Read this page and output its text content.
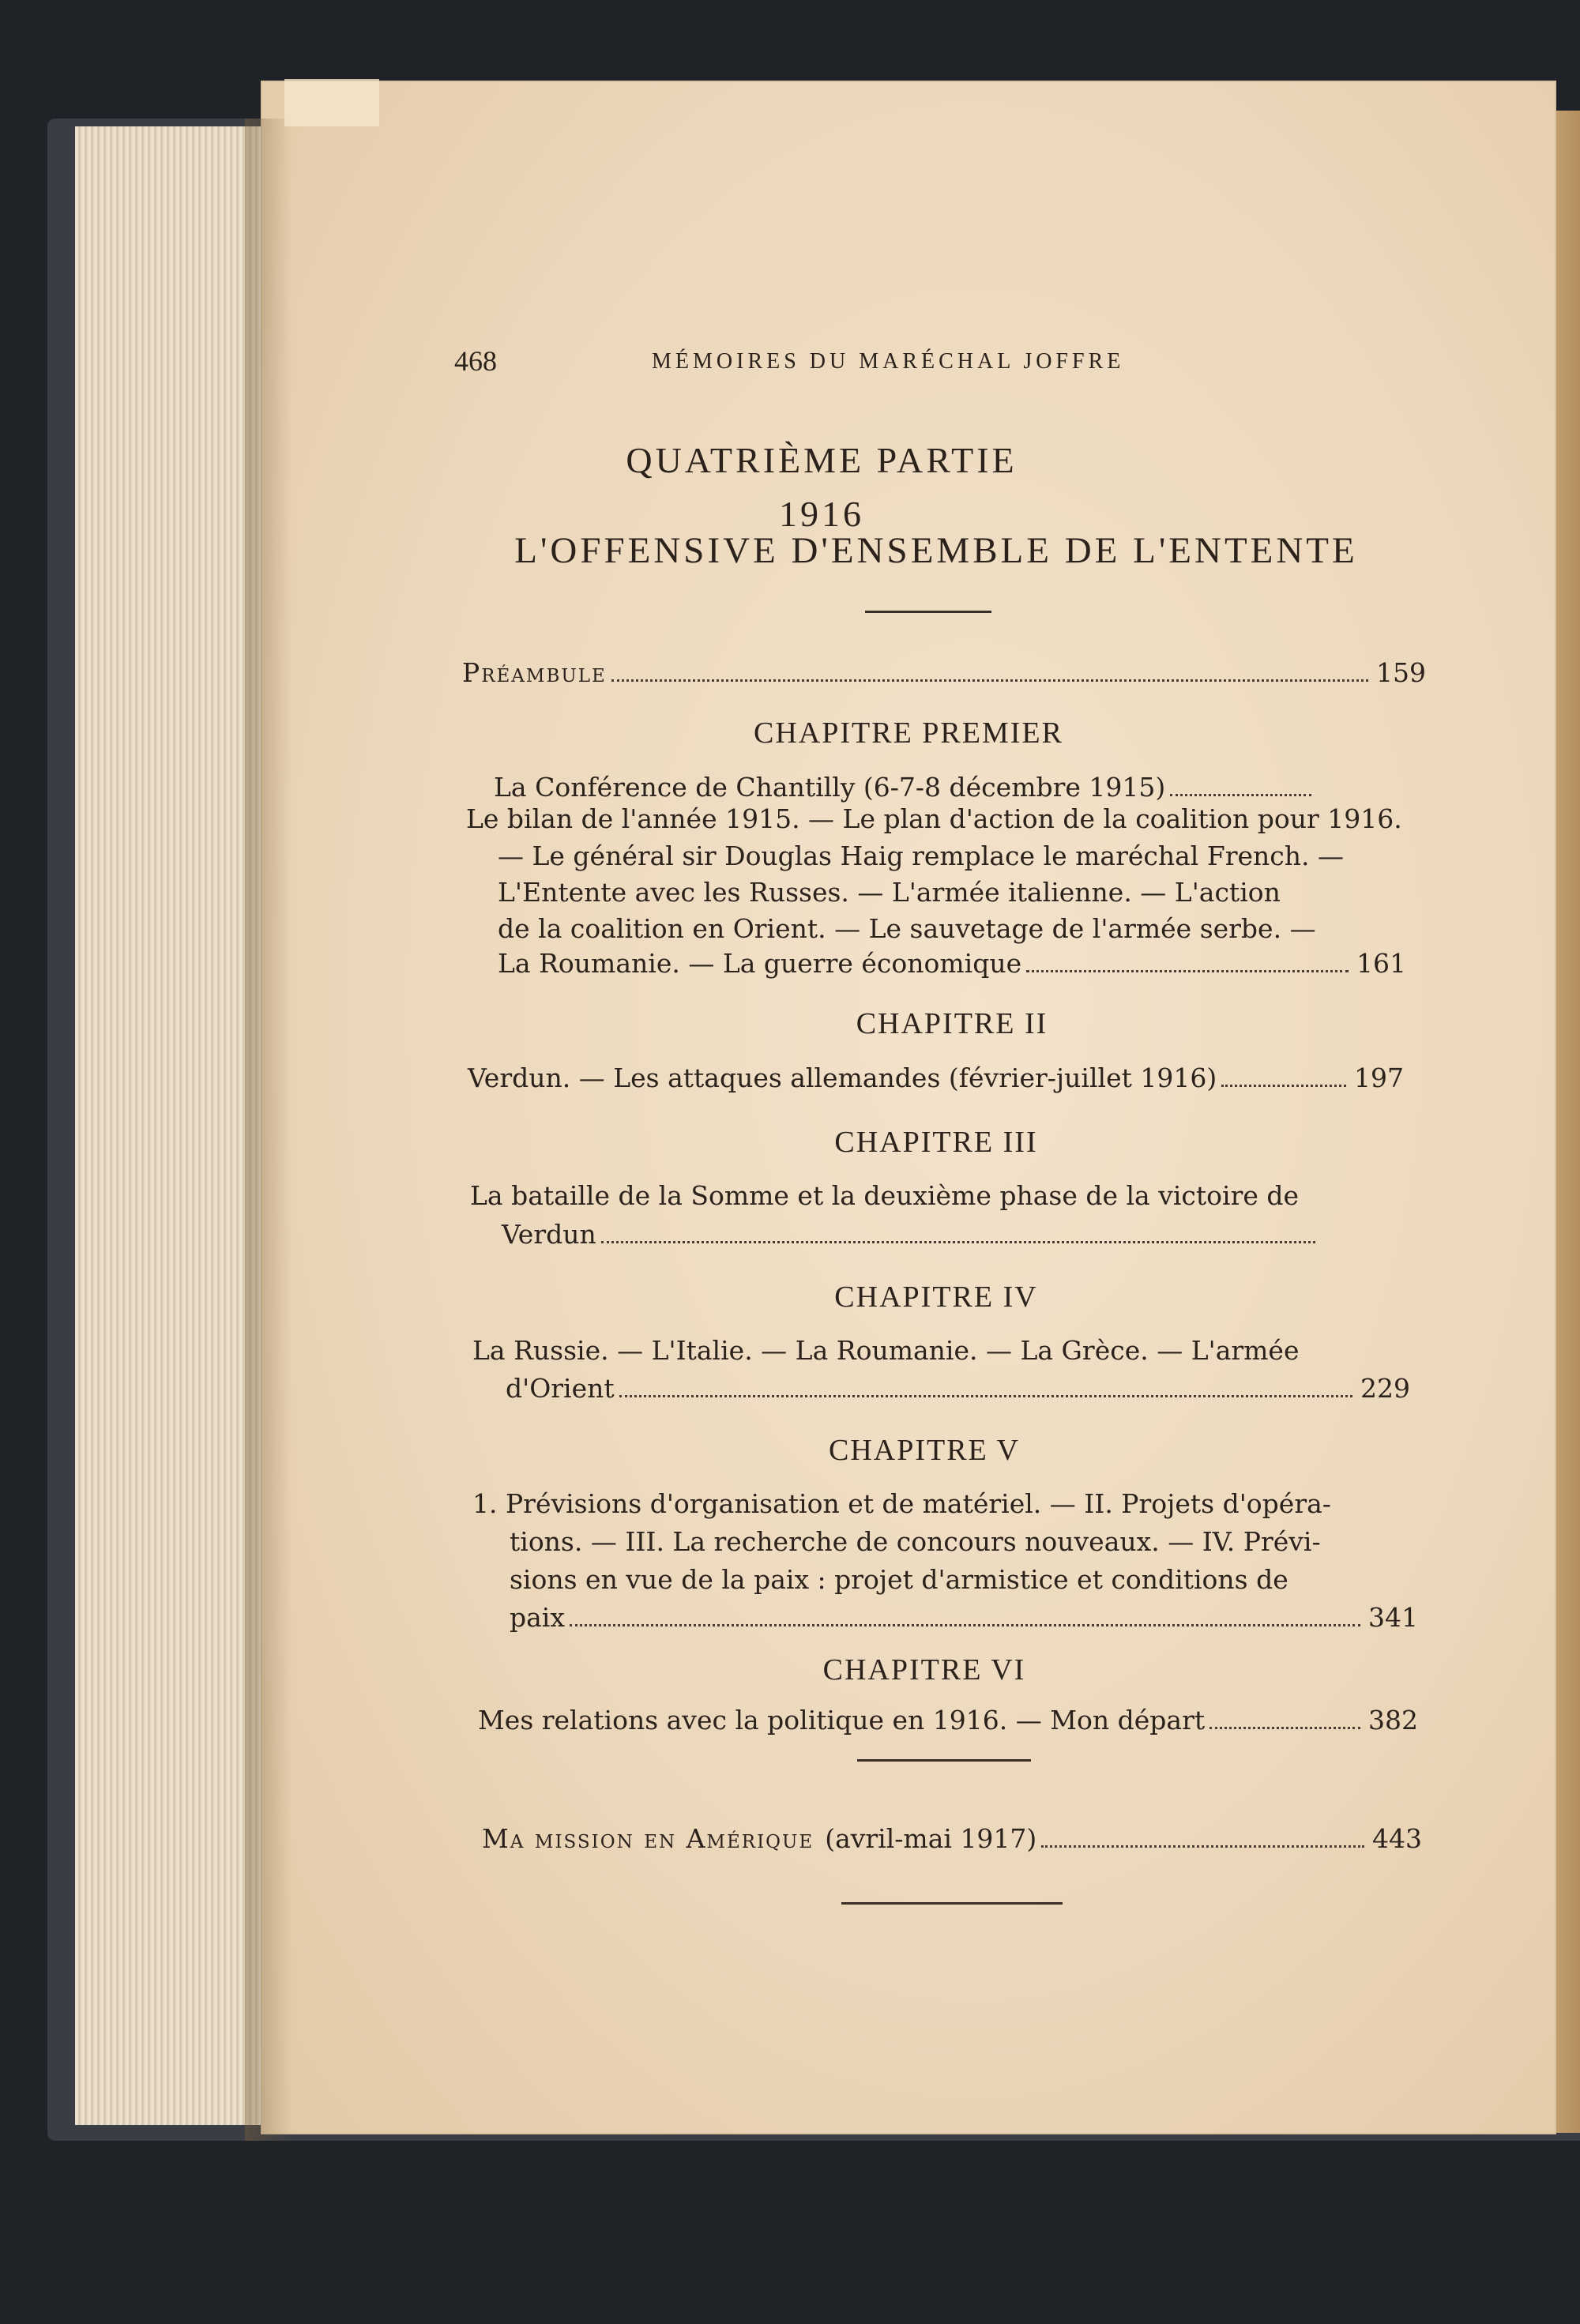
468	MÉMOIRES DU MARÉCHAL JOFFRE
QUATRIÈME PARTIE
1916
L'OFFENSIVE D'ENSEMBLE DE L'ENTENTE
Préambule	159
CHAPITRE PREMIER
La Conférence de Chantilly (6-7-8 décembre 1915)
Le bilan de l'année 1915. — Le plan d'action de la coalition pour 1916.
— Le général sir Douglas Haig remplace le maréchal French. —
L'Entente avec les Russes. — L'armée italienne. — L'action
de la coalition en Orient. — Le sauvetage de l'armée serbe. —
La Roumanie. — La guerre économique	161
CHAPITRE II
Verdun. — Les attaques allemandes (février-juillet 1916)	197
CHAPITRE III
La bataille de la Somme et la deuxième phase de la victoire de
Verdun
CHAPITRE IV
La Russie. — L'Italie. — La Roumanie. — La Grèce. — L'armée
d'Orient	229
CHAPITRE V
1. Prévisions d'organisation et de matériel. — II. Projets d'opéra-
tions. — III. La recherche de concours nouveaux. — IV. Prévi-
sions en vue de la paix : projet d'armistice et conditions de
paix	341
CHAPITRE VI
Mes relations avec la politique en 1916. — Mon départ	382
Ma mission en Amérique (avril-mai 1917)	443
